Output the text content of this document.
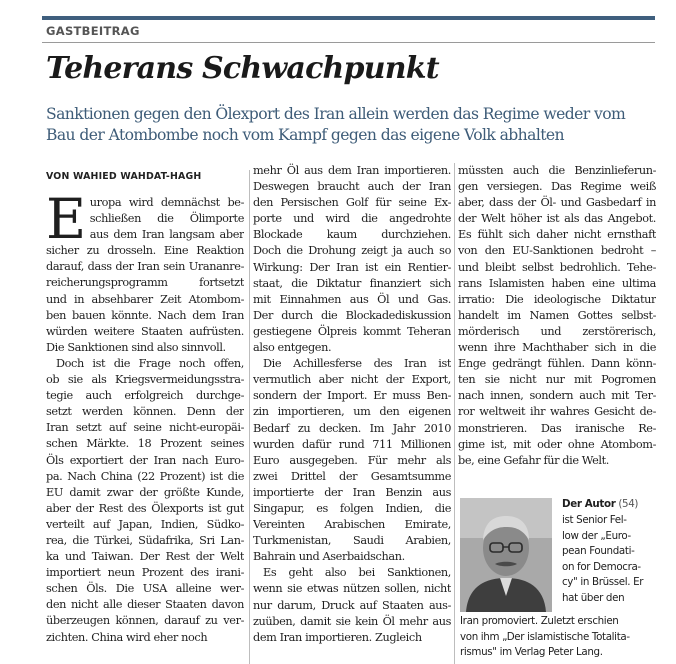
GASTBEITRAG
Teherans Schwachpunkt

Sanktionen gegen den Ölexport des Iran allein werden das Regime weder vom Bau der Atombombe noch vom Kampf gegen das eigene Volk abhalten

VON WAHIED WAHDAT-HAGH
E uropa wird demnächst be-
schließen die Ölimporte
aus dem Iran langsam aber
sicher zu drosseln. Eine Reaktion
darauf, dass der Iran sein Urananre-
reicherungsprogramm fortsetzt
und in absehbarer Zeit Atombom-
ben bauen könnte. Nach dem Iran
würden weitere Staaten aufrüsten.
Die Sanktionen sind also sinnvoll.
Doch ist die Frage noch offen,
ob sie als Kriegsvermeidungsstra-
tegie auch erfolgreich durchge-
setzt werden können. Denn der
Iran setzt auf seine nicht-europäi-
schen Märkte. 18 Prozent seines
Öls exportiert der Iran nach Euro-
pa. Nach China (22 Prozent) ist die
EU damit zwar der größte Kunde,
aber der Rest des Ölexports ist gut
verteilt auf Japan, Indien, Südko-
rea, die Türkei, Südafrika, Sri Lan-
ka und Taiwan. Der Rest der Welt
importiert neun Prozent des irani-
schen Öls. Die USA alleine wer-
den nicht alle dieser Staaten davon
überzeugen können, darauf zu ver-
zichten. China wird eher noch
mehr Öl aus dem Iran importieren.
Deswegen braucht auch der Iran
den Persischen Golf für seine Ex-
porte und wird die angedrohte
Blockade kaum durchziehen.
Doch die Drohung zeigt ja auch so
Wirkung: Der Iran ist ein Rentier-
staat, die Diktatur finanziert sich
mit Einnahmen aus Öl und Gas.
Der durch die Blockadediskussion
gestiegene Ölpreis kommt Teheran
also entgegen.
Die Achillesferse des Iran ist
vermutlich aber nicht der Export,
sondern der Import. Er muss Ben-
zin importieren, um den eigenen
Bedarf zu decken. Im Jahr 2010
wurden dafür rund 711 Millionen
Euro ausgegeben. Für mehr als
zwei Drittel der Gesamtsumme
importierte der Iran Benzin aus
Singapur, es folgen Indien, die
Vereinten Arabischen Emirate,
Turkmenistan, Saudi Arabien,
Bahrain und Aserbaidschan.
Es geht also bei Sanktionen,
wenn sie etwas nützen sollen, nicht
nur darum, Druck auf Staaten aus-
zuüben, damit sie kein Öl mehr aus
dem Iran importieren. Zugleich
müssten auch die Benzinlieferun-
gen versiegen. Das Regime weiß
aber, dass der Öl- und Gasbedarf in
der Welt höher ist als das Angebot.
Es fühlt sich daher nicht ernsthaft
von den EU-Sanktionen bedroht –
und bleibt selbst bedrohlich. Tehe-
rans Islamisten haben eine ultima
irratio: Die ideologische Diktatur
handelt im Namen Gottes selbst-
mörderisch und zerstörerisch,
wenn ihre Machthaber sich in die
Enge gedrängt fühlen. Dann könn-
ten sie nicht nur mit Pogromen
nach innen, sondern auch mit Ter-
ror weltweit ihr wahres Gesicht de-
monstrieren. Das iranische Re-
gime ist, mit oder ohne Atombom-
be, eine Gefahr für die Welt.
Der Autor (54)
ist Senior Fel-
low der „Euro-
pean Foundati-
on for Democra-
cy" in Brüssel. Er
hat über den
Iran promoviert. Zuletzt erschien
von ihm „Der islamistische Totalita-
rismus" im Verlag Peter Lang.
